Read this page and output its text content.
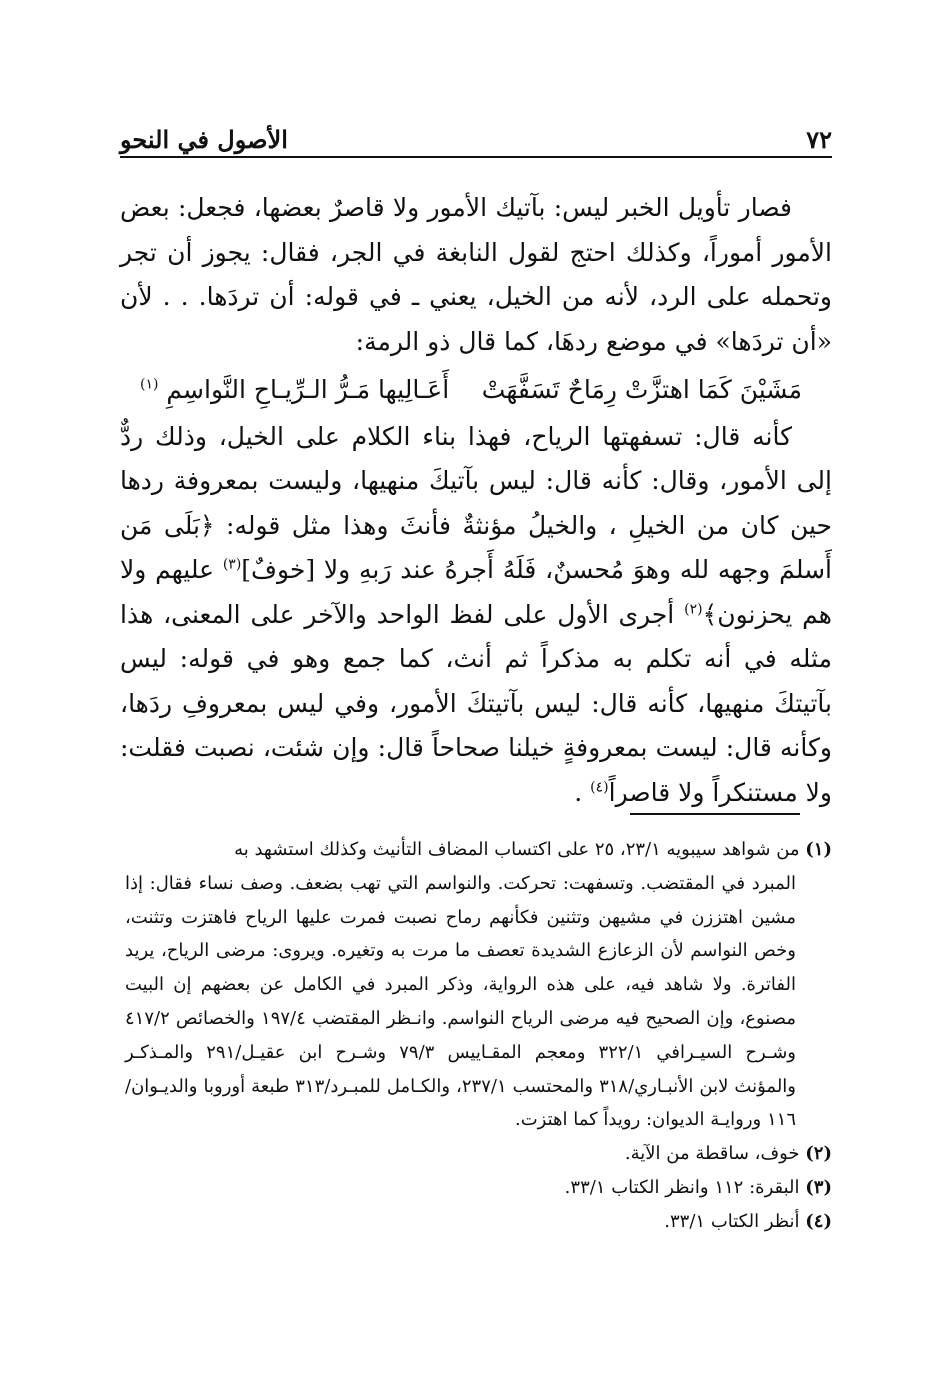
٧٢
الأصول في النحو

فصار تأويل الخبر ليس: بآتيك الأمور ولا قاصرٌ بعضها، فجعل: بعض الأمور أموراً، وكذلك احتج لقول النابغة في الجر، فقال: يجوز أن تجر وتحمله على الرد، لأنه من الخيل، يعني ـ في قوله: أن تردَها. . . لأن «أن تردَها» في موضع ردهَا، كما قال ذو الرمة:

مَشَيْنَ كَمَا اهتزَّتْ رِمَاحٌ تَسَفَّهَتْ
أَعَـالِيها مَـرُّ الـرِّيـاحِ النَّواسِمِ $^{(١)}$

كأنه قال: تسفهتها الرياح، فهذا بناء الكلام على الخيل، وذلك ردٌّ إلى الأمور، وقال: كأنه قال: ليس بآتيكَ منهيها، وليست بمعروفة ردها حين كان من الخيلِ ، والخيلُ مؤنثةٌ فأنثَ وهذا مثل قوله: ﴿بَلَى مَن أَسلمَ وجهه لله وهوَ مُحسنٌ، فَلَهُ أَجرهُ عند رَبهِ ولا [خوفٌ]$^{(٣)}$ عليهم ولا هم يحزنون﴾$^{(٢)}$ أجرى الأول على لفظ الواحد والآخر على المعنى، هذا مثله في أنه تكلم به مذكراً ثم أنث، كما جمع وهو في قوله: ليس بآتيتكَ منهيها، كأنه قال: ليس بآتيتكَ الأمور، وفي ليس بمعروفِ ردَها، وكأنه قال: ليست بمعروفةٍ خيلنا صحاحاً قال: وإن شئت، نصبت فقلت: ولا مستنكراً ولا قاصراً$^{(٤)}$ .

(١) من شواهد سيبويه ٢٣/١، ٢٥ على اكتساب المضاف التأنيث وكذلك استشهد به

المبرد في المقتضب. وتسفهت: تحركت. والنواسم التي تهب بضعف. وصف نساء فقال: إذا مشين اهتززن في مشيهن وتثنين فكأنهم رماح نصبت فمرت عليها الرياح فاهتزت وتثنت، وخص النواسم لأن الزعازع الشديدة تعصف ما مرت به وتغيره. ويروى: مرضى الرياح، يريد الفاترة. ولا شاهد فيه، على هذه الرواية، وذكر المبرد في الكامل عن بعضهم إن البيت مصنوع، وإن الصحيح فيه مرضى الرياح النواسم. وانـظر المقتضب ١٩٧/٤ والخصائص ٤١٧/٢ وشـرح السيـرافي ٣٢٢/١ ومعجم المقـاييس ٧٩/٣ وشـرح ابن عقيـل/٢٩١ والمـذكـر والمؤنث لابن الأنبـاري/٣١٨ والمحتسب ٢٣٧/١، والكـامل للمبـرد/٣١٣ طبعة أوروبا والديـوان/١١٦ وروايـة الديوان: رويداً كما اهتزت.

(٢) خوف، ساقطة من الآية.

(٣) البقرة: ١١٢ وانظر الكتاب ٣٣/١.

(٤) أنظر الكتاب ٣٣/١.
